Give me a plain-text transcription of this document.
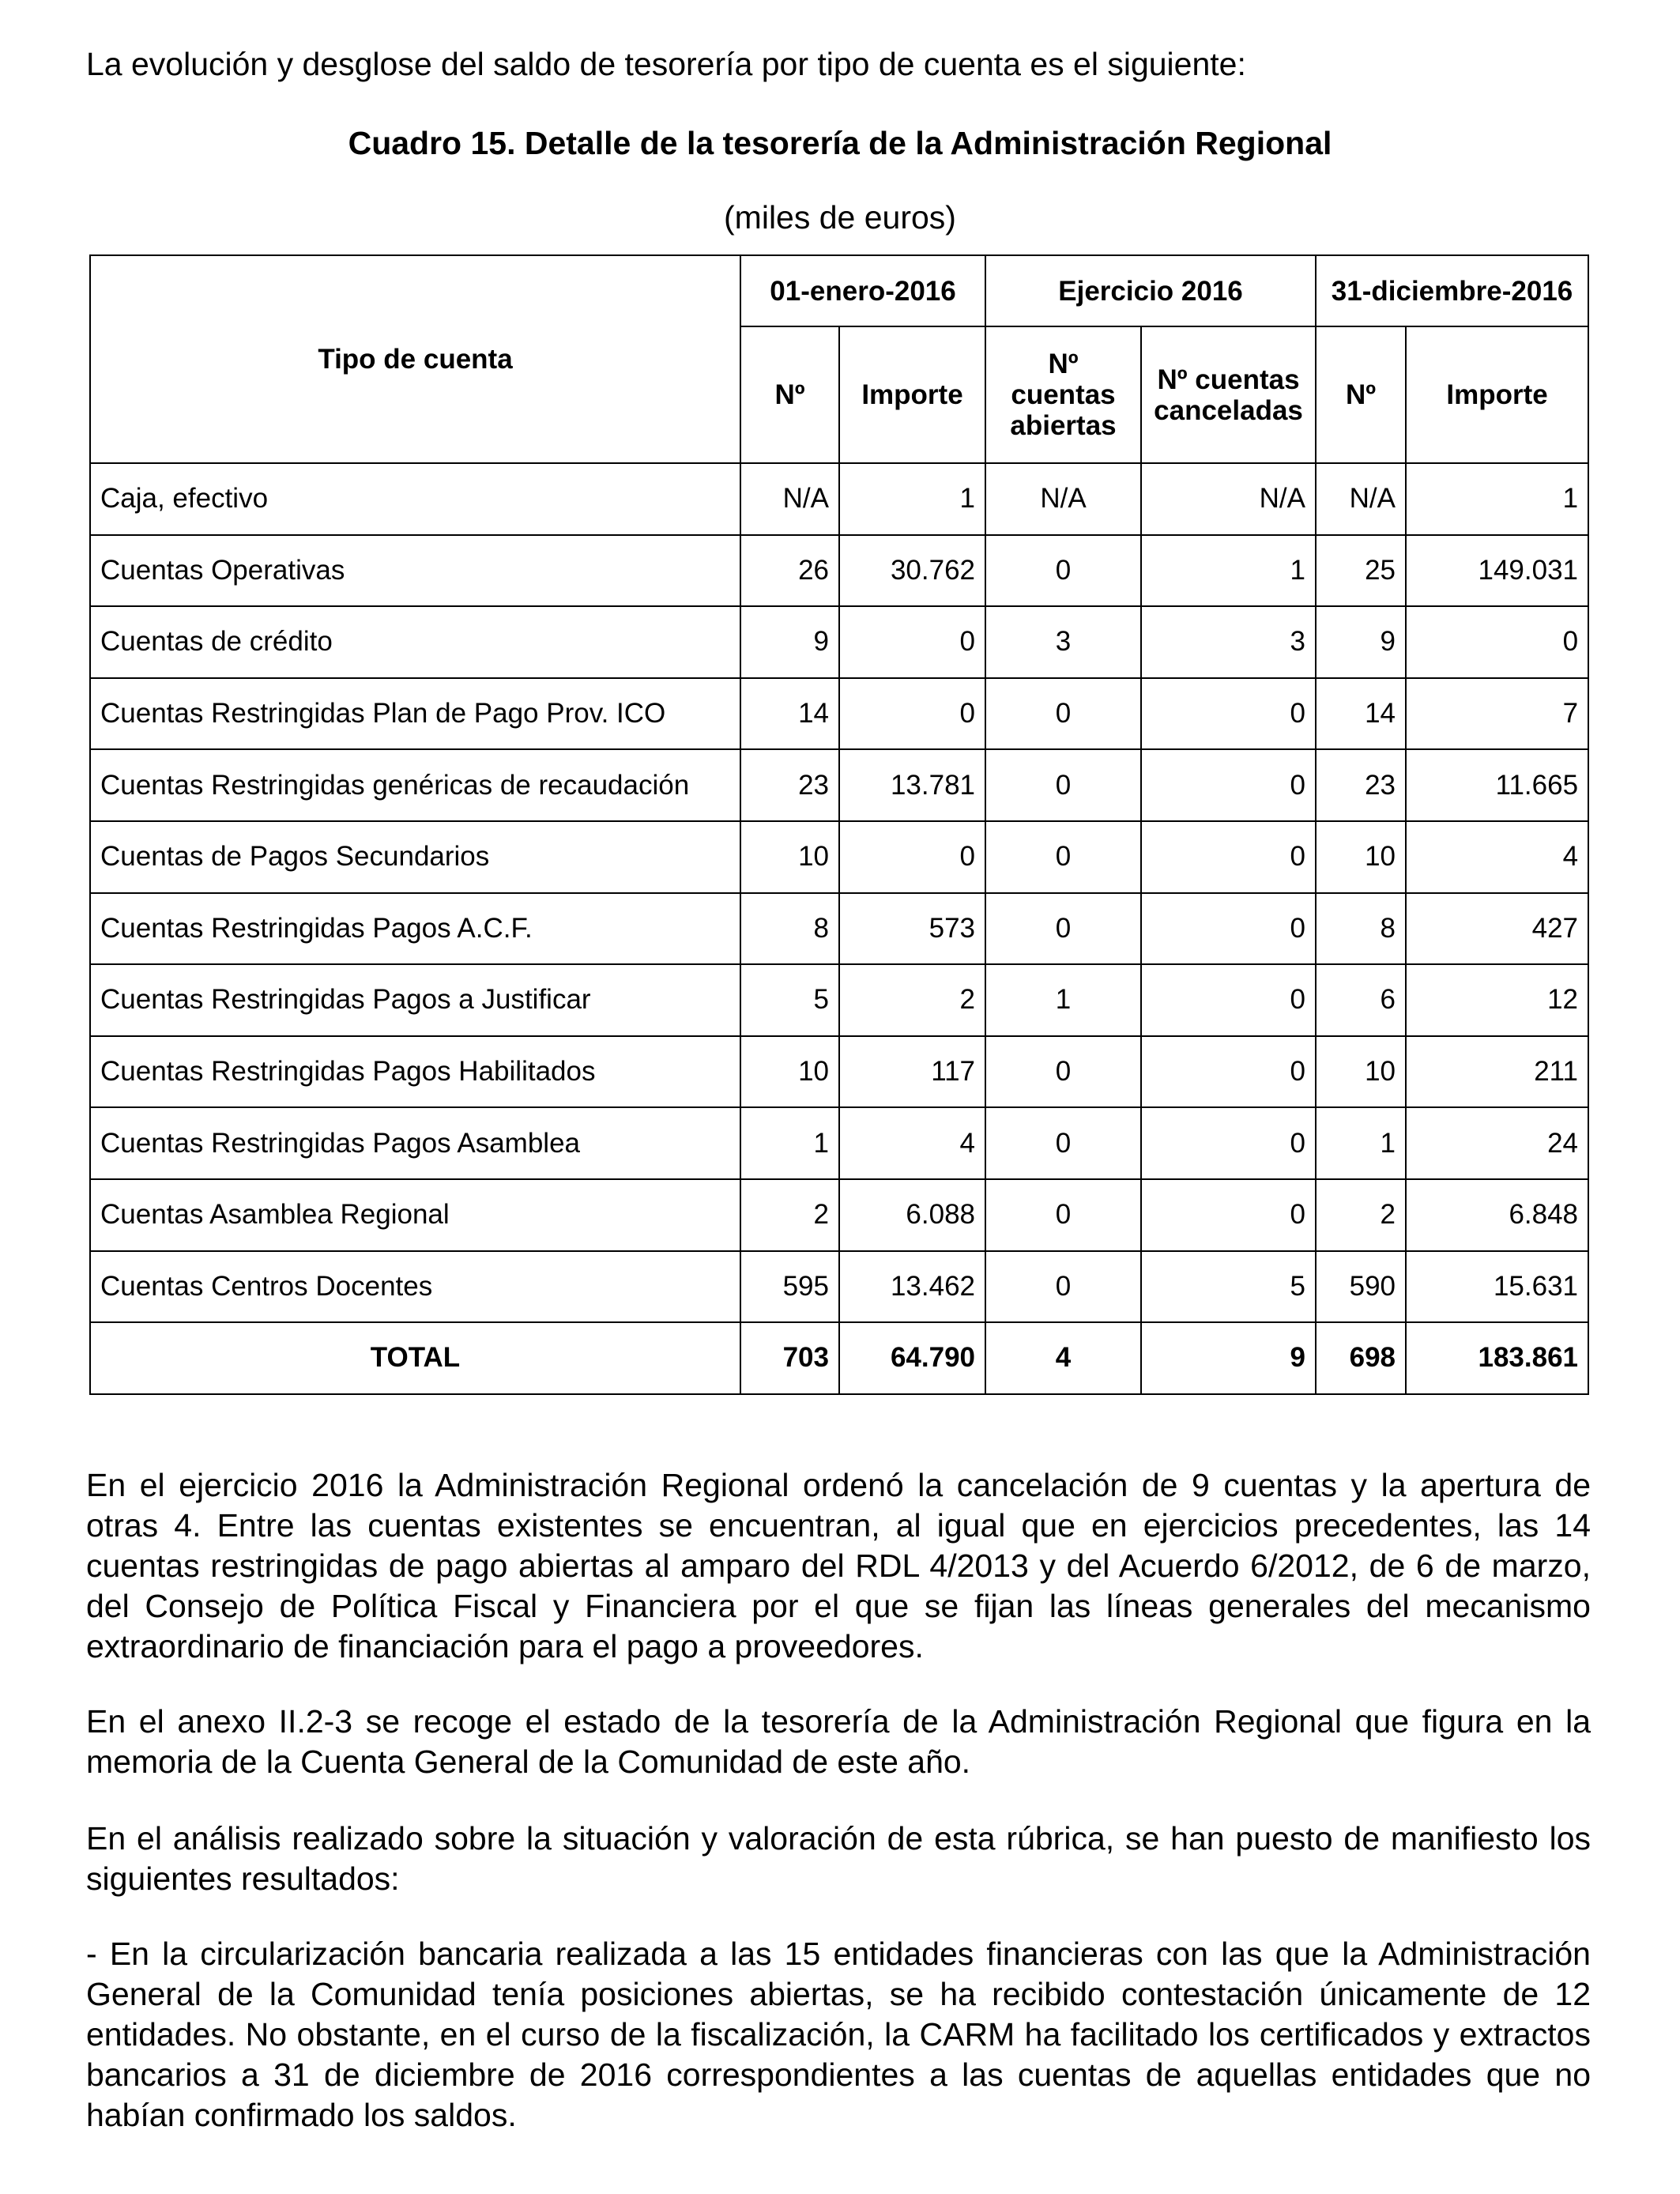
La evolución y desglose del saldo de tesorería por tipo de cuenta es el siguiente:

Cuadro 15. Detalle de la tesorería de la Administración Regional

(miles de euros)

Tipo de cuenta	01-enero-2016		Ejercicio 2016		31-diciembre-2016	
	Nº	Importe	Nº cuentas abiertas	Nº cuentas canceladas	Nº	Importe
Caja, efectivo	N/A	1	N/A	N/A	N/A	1
Cuentas Operativas	26	30.762	0	1	25	149.031
Cuentas de crédito	9	0	3	3	9	0
Cuentas Restringidas Plan de Pago Prov. ICO	14	0	0	0	14	7
Cuentas Restringidas genéricas de recaudación	23	13.781	0	0	23	11.665
Cuentas de Pagos Secundarios	10	0	0	0	10	4
Cuentas Restringidas Pagos A.C.F.	8	573	0	0	8	427
Cuentas Restringidas Pagos a Justificar	5	2	1	0	6	12
Cuentas Restringidas Pagos Habilitados	10	117	0	0	10	211
Cuentas Restringidas Pagos Asamblea	1	4	0	0	1	24
Cuentas Asamblea Regional	2	6.088	0	0	2	6.848
Cuentas Centros Docentes	595	13.462	0	5	590	15.631
TOTAL	703	64.790	4	9	698	183.861

En el ejercicio 2016 la Administración Regional ordenó la cancelación de 9 cuentas y la apertura de otras 4. Entre las cuentas existentes se encuentran, al igual que en ejercicios precedentes, las 14 cuentas restringidas de pago abiertas al amparo del RDL 4/2013 y del Acuerdo 6/2012, de 6 de marzo, del Consejo de Política Fiscal y Financiera por el que se fijan las líneas generales del mecanismo extraordinario de financiación para el pago a proveedores.

En el anexo II.2-3 se recoge el estado de la tesorería de la Administración Regional que figura en la memoria de la Cuenta General de la Comunidad de este año.

En el análisis realizado sobre la situación y valoración de esta rúbrica, se han puesto de manifiesto los siguientes resultados:

- En la circularización bancaria realizada a las 15 entidades financieras con las que la Administración General de la Comunidad tenía posiciones abiertas, se ha recibido contestación únicamente de 12 entidades. No obstante, en el curso de la fiscalización, la CARM ha facilitado los certificados y extractos bancarios a 31 de diciembre de 2016 correspondientes a las cuentas de aquellas entidades que no habían confirmado los saldos.
